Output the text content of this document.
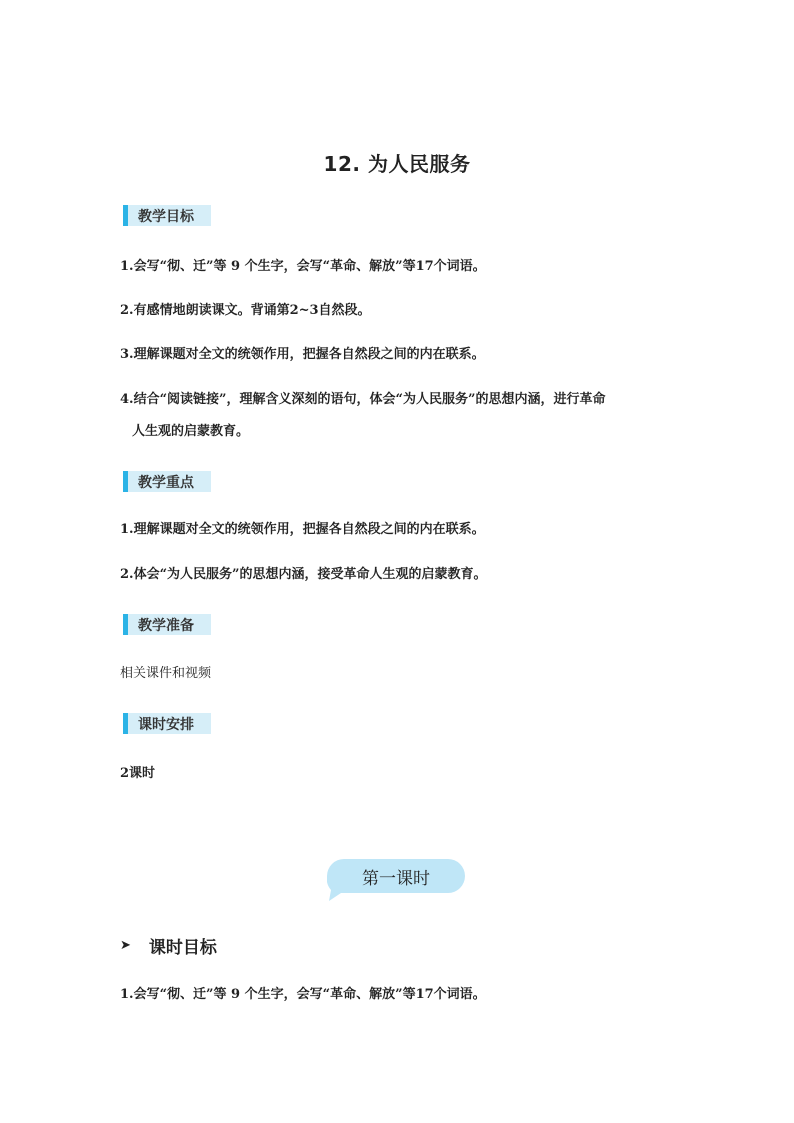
12. 为人民服务
教学目标
1.会写“彻、迁”等 9 个生字，会写“革命、解放”等17个词语。
2.有感情地朗读课文。背诵第2~3自然段。
3.理解课题对全文的统领作用，把握各自然段之间的内在联系。
4.结合“阅读链接”，理解含义深刻的语句，体会“为人民服务”的思想内涵，进行革命
人生观的启蒙教育。
教学重点
1.理解课题对全文的统领作用，把握各自然段之间的内在联系。
2.体会“为人民服务”的思想内涵，接受革命人生观的启蒙教育。
教学准备
相关课件和视频
课时安排
2课时
第一课时
➤ 课时目标
1.会写“彻、迁”等 9 个生字，会写“革命、解放”等17个词语。
